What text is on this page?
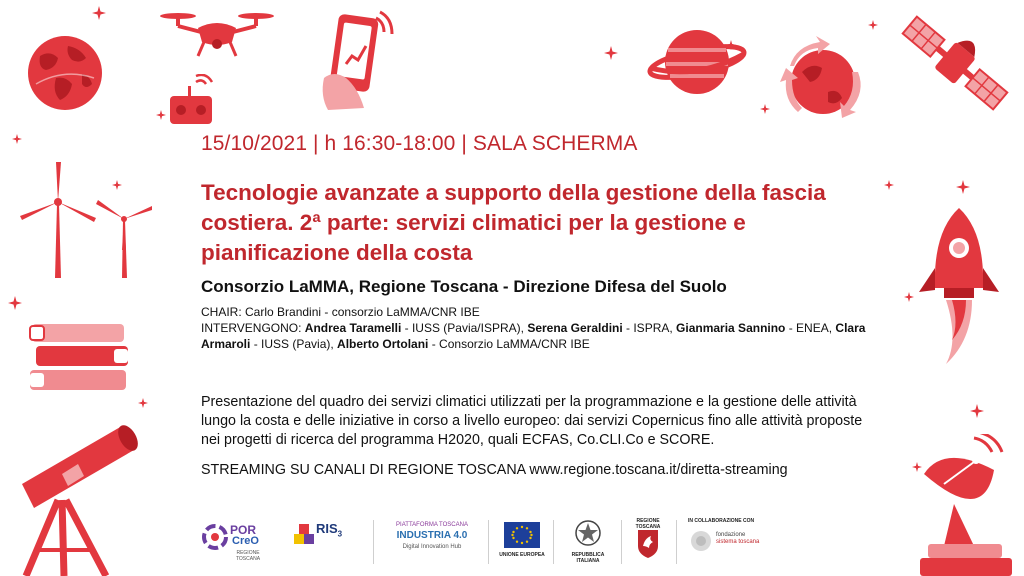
15/10/2021 | h 16:30-18:00 | SALA SCHERMA
Tecnologie avanzate a supporto della gestione della fascia costiera. 2ª parte: servizi climatici per la gestione e pianificazione della costa
Consorzio LaMMA, Regione Toscana - Direzione Difesa del Suolo
CHAIR: Carlo Brandini - consorzio LaMMA/CNR IBE
INTERVENGONO: Andrea Taramelli - IUSS (Pavia/ISPRA), Serena Geraldini - ISPRA, Gianmaria Sannino - ENEA, Clara Armaroli - IUSS (Pavia), Alberto Ortolani - Consorzio LaMMA/CNR IBE
Presentazione del quadro dei servizi climatici utilizzati per la programmazione e la gestione delle attività lungo la costa e delle iniziative in corso a livello europeo: dai servizi Copernicus fino alle attività proposte nei progetti di ricerca del programma H2020, quali ECFAS, Co.CLI.Co e SCORE.
STREAMING SU CANALI DI REGIONE TOSCANA www.regione.toscana.it/diretta-streaming
POR
CreO
REGIONE TOSCANA
$RIS_3$
PIATTAFORMA TOSCANA
INDUSTRIA 4.0
Digital Innovation Hub
UNIONE EUROPEA	REPUBBLICA ITALIANA
REGIONE TOSCANA
IN COLLABORAZIONE CON
fondazione
sistema toscana
